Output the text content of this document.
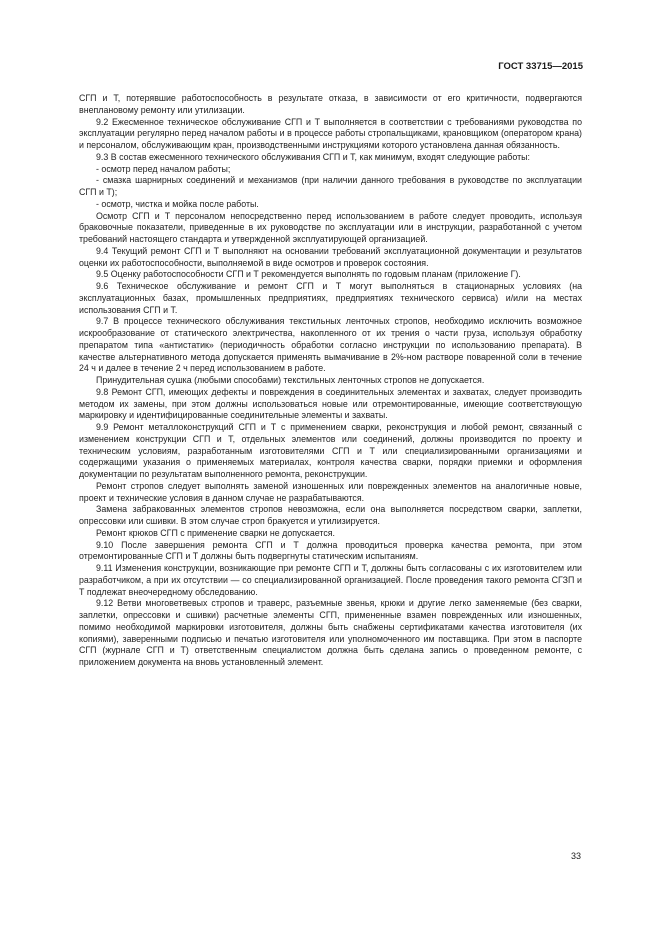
ГОСТ 33715—2015

СГП и Т, потерявшие работоспособность в результате отказа, в зависимости от его критичности, подвергаются внеплановому ремонту или утилизации.

9.2 Ежесменное техническое обслуживание СГП и Т выполняется в соответствии с требованиями руководства по эксплуатации регулярно перед началом работы и в процессе работы стропальщиками, крановщиком (оператором крана) и персоналом, обслуживающим кран, производственными инструкциями которого установлена данная обязанность.

9.3 В состав ежесменного технического обслуживания СГП и Т, как минимум, входят следующие работы:

- осмотр перед началом работы;

- смазка шарнирных соединений и механизмов (при наличии данного требования в руководстве по эксплуатации СГП и Т);

- осмотр, чистка и мойка после работы.

Осмотр СГП и Т персоналом непосредственно перед использованием в работе следует проводить, используя браковочные показатели, приведенные в их руководстве по эксплуатации или в инструкции, разработанной с учетом требований настоящего стандарта и утвержденной эксплуатирующей организацией.

9.4 Текущий ремонт СГП и Т выполняют на основании требований эксплуатационной документации и результатов оценки их работоспособности, выполняемой в виде осмотров и проверок состояния.

9.5 Оценку работоспособности СГП и Т рекомендуется выполнять по годовым планам (приложение Г).

9.6 Техническое обслуживание и ремонт СГП и Т могут выполняться в стационарных условиях (на эксплуатационных базах, промышленных предприятиях, предприятиях технического сервиса) и/или на местах использования СГП и Т.

9.7 В процессе технического обслуживания текстильных ленточных стропов, необходимо исключить возможное искрообразование от статического электричества, накопленного от их трения о части груза, используя обработку препаратом типа «антистатик» (периодичность обработки согласно инструкции по использованию препарата). В качестве альтернативного метода допускается применять вымачивание в 2%-ном растворе поваренной соли в течение 24 ч и далее в течение 2 ч перед использованием в работе.

Принудительная сушка (любыми способами) текстильных ленточных стропов не допускается.

9.8 Ремонт СГП, имеющих дефекты и повреждения в соединительных элементах и захватах, следует производить методом их замены, при этом должны использоваться новые или отремонтированные, имеющие соответствующую маркировку и идентифицированные соединительные элементы и захваты.

9.9 Ремонт металлоконструкций СГП и Т с применением сварки, реконструкция и любой ремонт, связанный с изменением конструкции СГП и Т, отдельных элементов или соединений, должны производится по проекту и техническим условиям, разработанным изготовителями СГП и Т или специализированными организациями и содержащими указания о применяемых материалах, контроля качества сварки, порядки приемки и оформления документации по результатам выполненного ремонта, реконструкции.

Ремонт стропов следует выполнять заменой изношенных или поврежденных элементов на аналогичные новые, проект и технические условия в данном случае не разрабатываются.

Замена забракованных элементов стропов невозможна, если она выполняется посредством сварки, заплетки, опрессовки или сшивки. В этом случае строп бракуется и утилизируется.

Ремонт крюков СГП с применение сварки не допускается.

9.10 После завершения ремонта СГП и Т должна проводиться проверка качества ремонта, при этом отремонтированные СГП и Т должны быть подвергнуты статическим испытаниям.

9.11 Изменения конструкции, возникающие при ремонте СГП и Т, должны быть согласованы с их изготовителем или разработчиком, а при их отсутствии — со специализированной организацией. После проведения такого ремонта СГЗП и Т подлежат внеочередному обследованию.

9.12 Ветви многоветвевых стропов и траверс, разъемные звенья, крюки и другие легко заменяемые (без сварки, заплетки, опрессовки и сшивки) расчетные элементы СГП, примененные взамен поврежденных или изношенных, помимо необходимой маркировки изготовителя, должны быть снабжены сертификатами качества изготовителя (их копиями), заверенными подписью и печатью изготовителя или уполномоченного им поставщика. При этом в паспорте СГП (журнале СГП и Т) ответственным специалистом должна быть сделана запись о проведенном ремонте, с приложением документа на вновь установленный элемент.

33
